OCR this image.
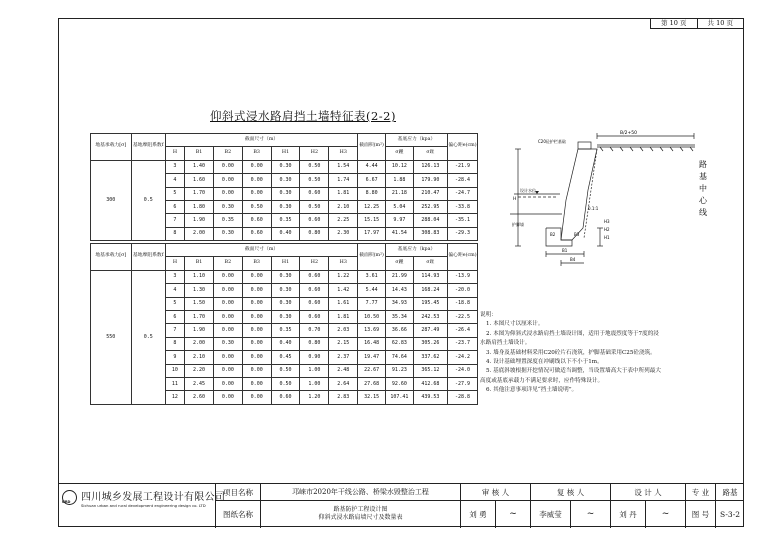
第 10 页	共 10 页
仰斜式浸水路肩挡土墙特征表(2-2)
地基承载力[σ]	基地摩阻系数f	截面尺寸（m）							截面积(m²)	基底应力（kpa）		偏心距e(cm)
		H	B1	B2	B3	H1	H2	H3		σ踵	σ趾	
300	0.5	3	1.40	0.00	0.00	0.30	0.50	1.54	4.44	10.12	126.13	-21.9
		4	1.60	0.00	0.00	0.30	0.50	1.74	6.67	1.88	179.90	-28.4
		5	1.70	0.00	0.00	0.30	0.60	1.81	8.80	21.18	210.47	-24.7
		6	1.80	0.30	0.50	0.30	0.50	2.10	12.25	5.04	252.95	-33.8
		7	1.90	0.35	0.60	0.35	0.60	2.25	15.15	9.97	288.04	-35.1
		8	2.00	0.30	0.60	0.40	0.80	2.30	17.97	41.54	308.83	-29.3
地基承载力[σ]	基地摩阻系数f	截面尺寸（m）							截面积(m²)	基底应力（kpa）		偏心距e(cm)
		H	B1	B2	B3	H1	H2	H3		σ踵	σ趾	
550	0.5	3	1.10	0.00	0.00	0.30	0.60	1.22	3.61	21.99	114.93	-13.9
		4	1.30	0.00	0.00	0.30	0.60	1.42	5.44	14.43	168.24	-20.0
		5	1.50	0.00	0.00	0.30	0.60	1.61	7.77	34.93	195.45	-18.8
		6	1.70	0.00	0.00	0.30	0.60	1.81	10.50	35.34	242.53	-22.5
		7	1.90	0.00	0.00	0.35	0.70	2.03	13.69	36.66	287.49	-26.4
		8	2.00	0.30	0.00	0.40	0.80	2.15	16.48	62.83	305.26	-23.7
		9	2.10	0.00	0.00	0.45	0.90	2.37	19.47	74.64	337.62	-24.2
		10	2.20	0.00	0.00	0.50	1.00	2.48	22.67	91.23	365.12	-24.0
		11	2.45	0.00	0.00	0.50	1.00	2.64	27.68	92.60	412.68	-27.9
		12	2.60	0.00	0.00	0.60	1.20	2.83	32.15	107.41	439.53	-28.8
B/2+50
C20砼护栏基础
设计水位
护脚墙
0.1:1
H
H1
H2
H3
B1
B2	B3
B4
路基中心线
说明：
1. 本图尺寸以厘米计。
2. 本图为仰斜式浸水路肩挡土墙设计图，适用于地震烈度等于7度的浸
水路肩挡土墙设计。
3. 墙身及基础材料采用C20砼片石浇筑，护脚基础采用C25砼浇筑。
4. 设计基础埋置深度在冲刷线以下不小于1m。
5. 基底斜坡根据开挖情况可做适当调整，当设置墙高大于表中所列最大
高度或基底承载力不满足要求时，应作特殊设计。
6. 其他注意事项详见“挡土墙说明”。
URD 四川城乡发展工程设计有限公司
Sichuan urban and rural development engineering design co. LTD
项目名称	邛崃市2020年干线公路、桥梁水毁整治工程
图纸名称	路基防护工程设计图
仰斜式浸水路肩墙尺寸及数量表
审 核 人
刘 勇	~
复 核 人
李威莹	~
设 计 人
刘 丹	~
专 业	路基
图 号	S-3-2
